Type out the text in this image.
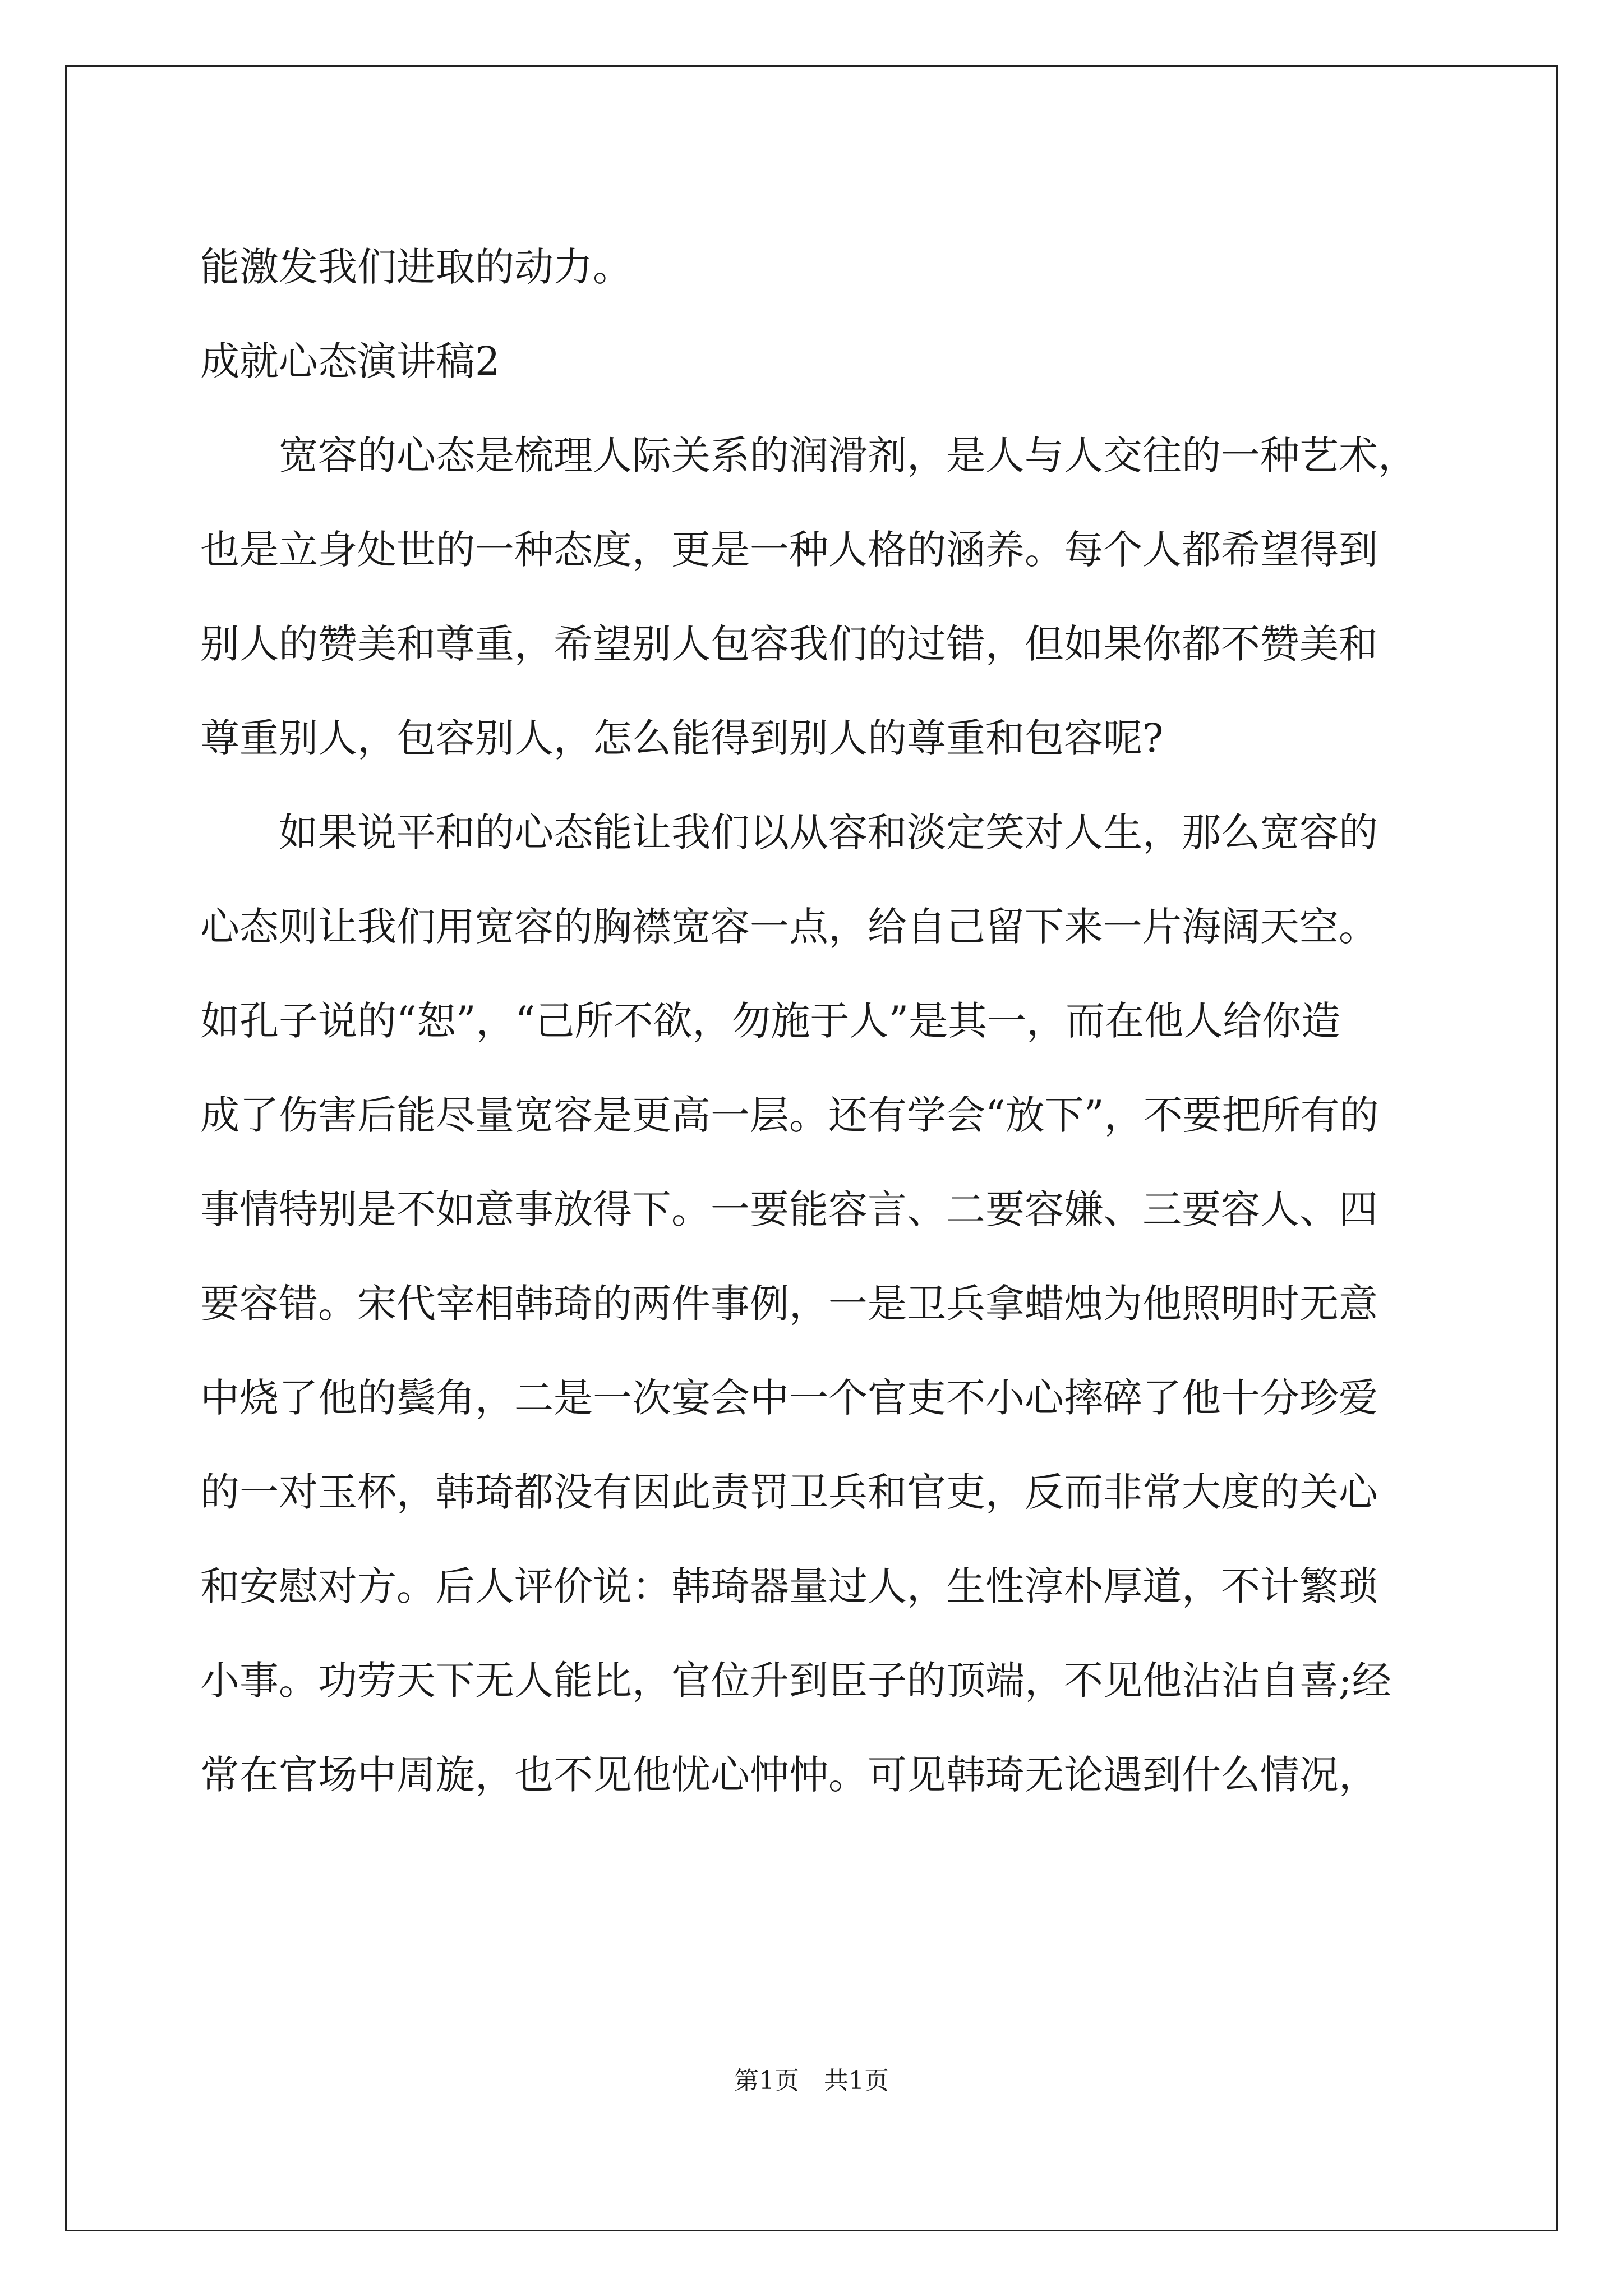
能激发我们进取的动力。
成就心态演讲稿2
　　宽容的心态是梳理人际关系的润滑剂，是人与人交往的一种艺术，
也是立身处世的一种态度，更是一种人格的涵养。每个人都希望得到
别人的赞美和尊重，希望别人包容我们的过错，但如果你都不赞美和
尊重别人，包容别人，怎么能得到别人的尊重和包容呢?
　　如果说平和的心态能让我们以从容和淡定笑对人生，那么宽容的
心态则让我们用宽容的胸襟宽容一点，给自己留下来一片海阔天空。
如孔子说的“恕”，“己所不欲，勿施于人”是其一，而在他人给你造
成了伤害后能尽量宽容是更高一层。还有学会“放下”，不要把所有的
事情特别是不如意事放得下。一要能容言、二要容嫌、三要容人、四
要容错。宋代宰相韩琦的两件事例，一是卫兵拿蜡烛为他照明时无意
中烧了他的鬓角，二是一次宴会中一个官吏不小心摔碎了他十分珍爱
的一对玉杯，韩琦都没有因此责罚卫兵和官吏，反而非常大度的关心
和安慰对方。后人评价说：韩琦器量过人，生性淳朴厚道，不计繁琐
小事。功劳天下无人能比，官位升到臣子的顶端，不见他沾沾自喜;经
常在官场中周旋，也不见他忧心忡忡。可见韩琦无论遇到什么情况，
第1页　共1页
